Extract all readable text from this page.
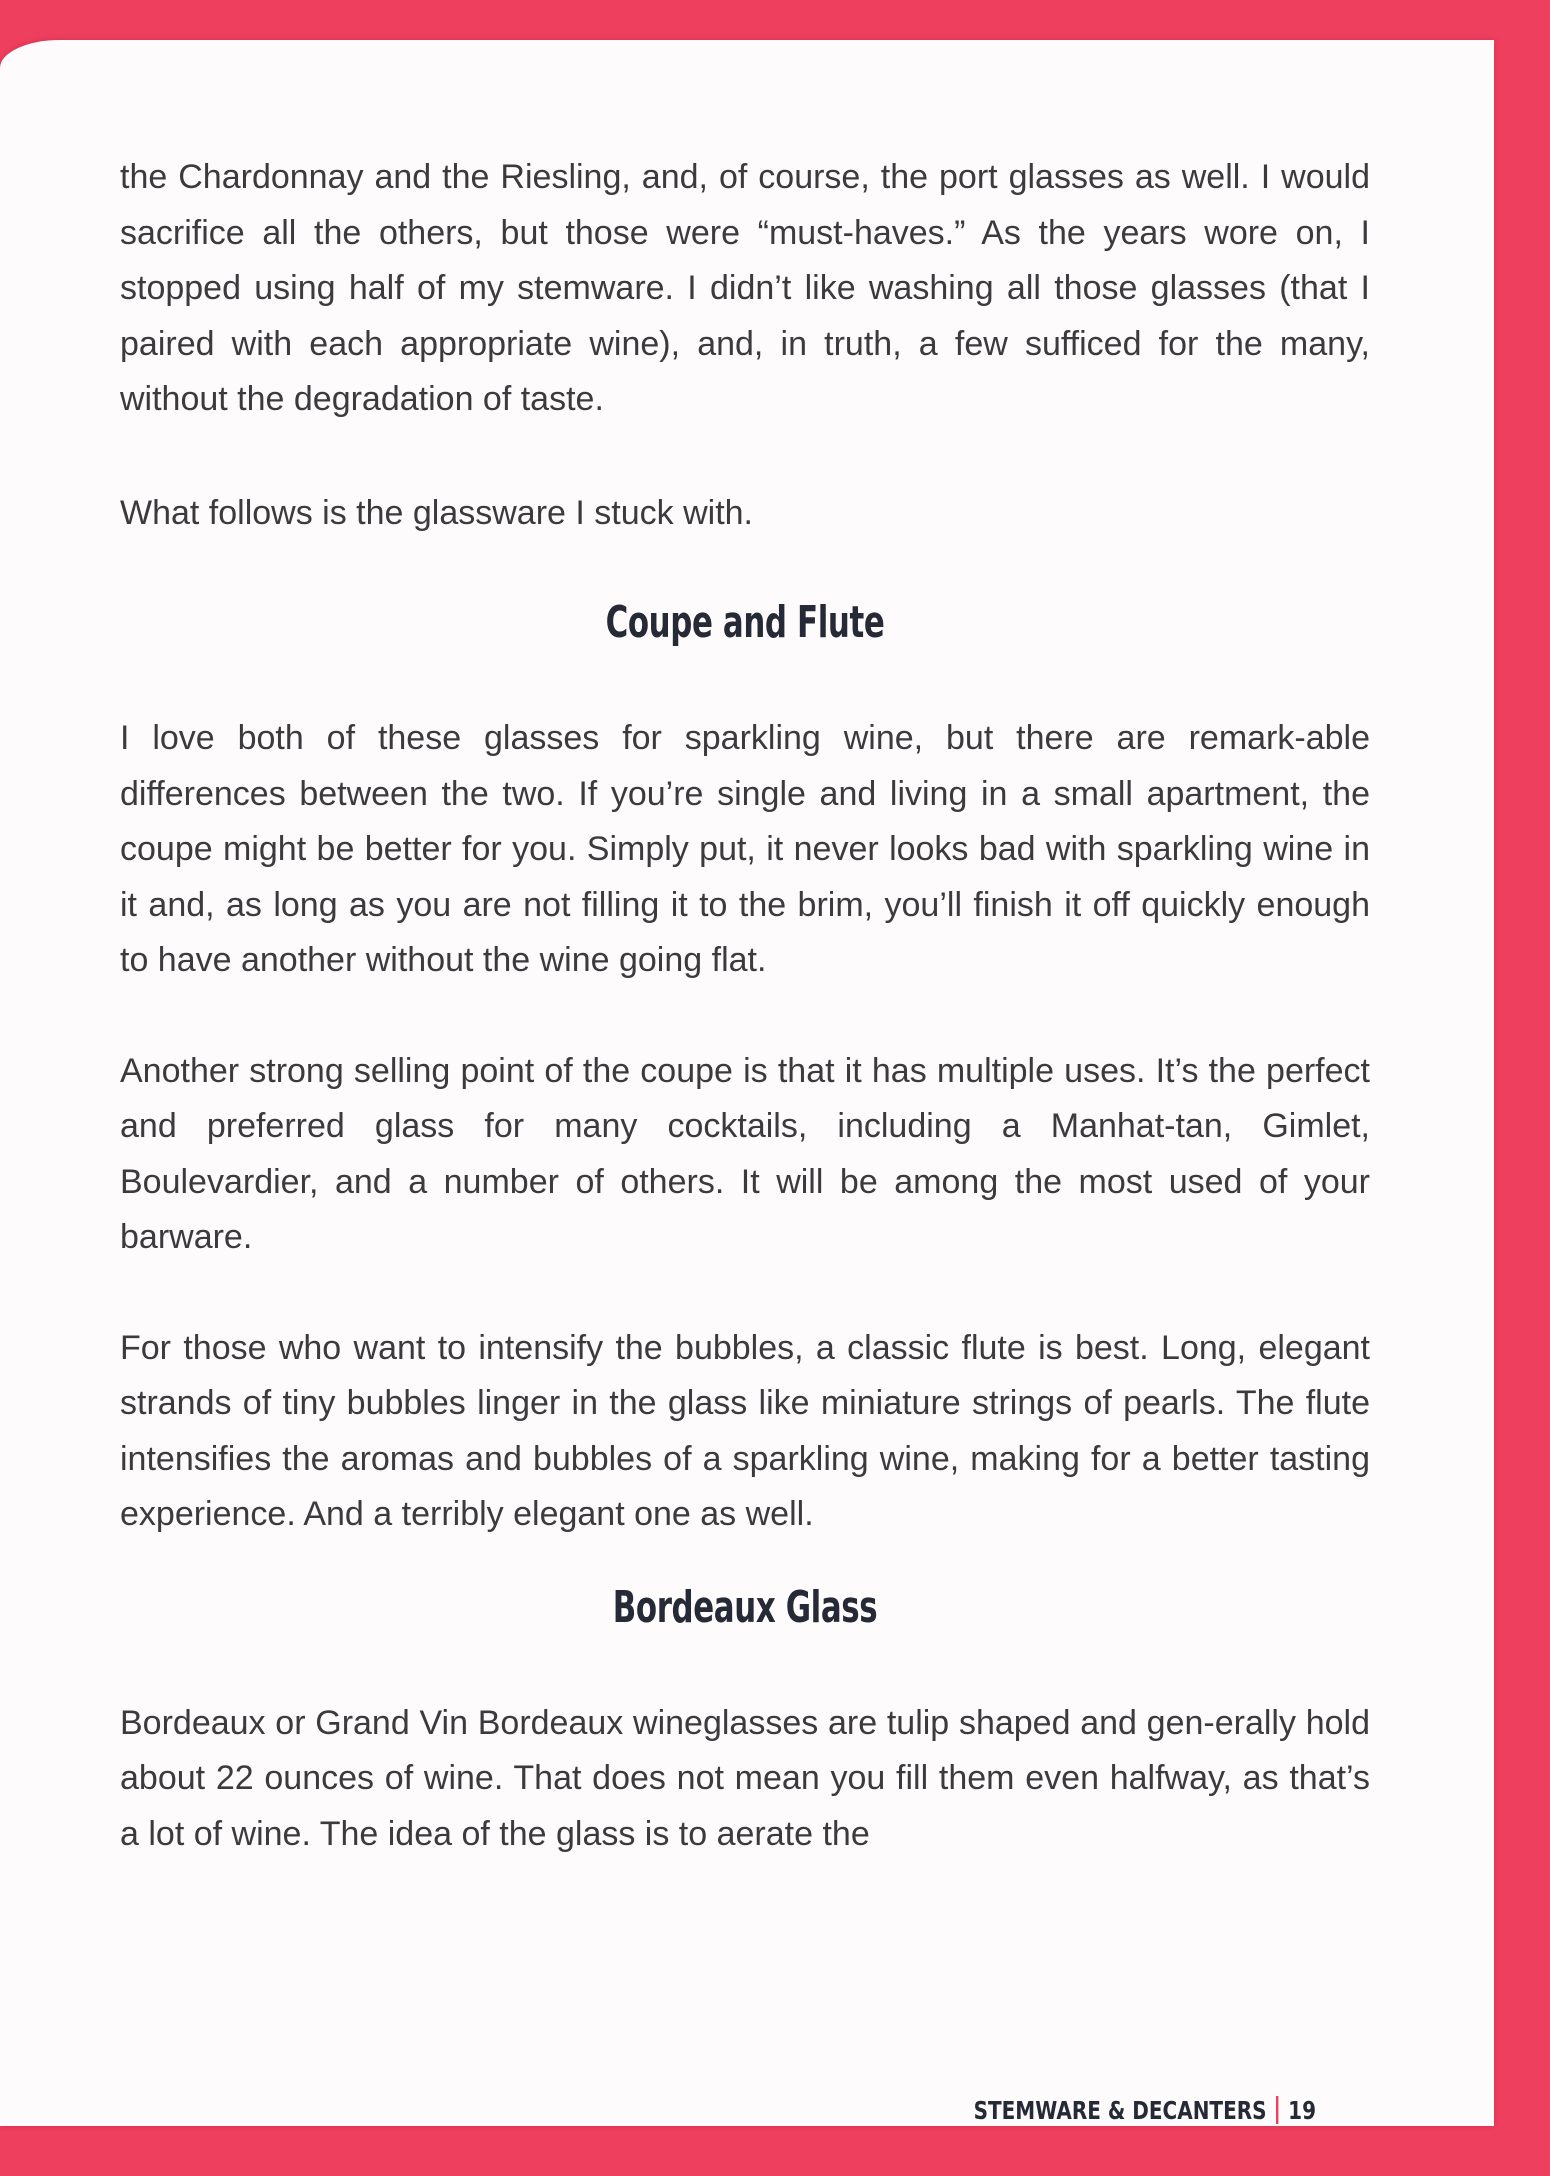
the Chardonnay and the Riesling, and, of course, the port glasses as well. I would sacrifice all the others, but those were “must-haves.” As the years wore on, I stopped using half of my stemware. I didn’t like washing all those glasses (that I paired with each appropriate wine), and, in truth, a few sufficed for the many, without the degradation of taste.

What follows is the glassware I stuck with.

Coupe and Flute

I love both of these glasses for sparkling wine, but there are remark-able differences between the two. If you’re single and living in a small apartment, the coupe might be better for you. Simply put, it never looks bad with sparkling wine in it and, as long as you are not filling it to the brim, you’ll finish it off quickly enough to have another without the wine going flat.

Another strong selling point of the coupe is that it has multiple uses. It’s the perfect and preferred glass for many cocktails, including a Manhat-tan, Gimlet, Boulevardier, and a number of others. It will be among the most used of your barware.

For those who want to intensify the bubbles, a classic flute is best. Long, elegant strands of tiny bubbles linger in the glass like miniature strings of pearls. The flute intensifies the aromas and bubbles of a sparkling wine, making for a better tasting experience. And a terribly elegant one as well.

Bordeaux Glass

Bordeaux or Grand Vin Bordeaux wineglasses are tulip shaped and gen-erally hold about 22 ounces of wine. That does not mean you fill them even halfway, as that’s a lot of wine. The idea of the glass is to aerate the

STEMWARE & DECANTERS 19
